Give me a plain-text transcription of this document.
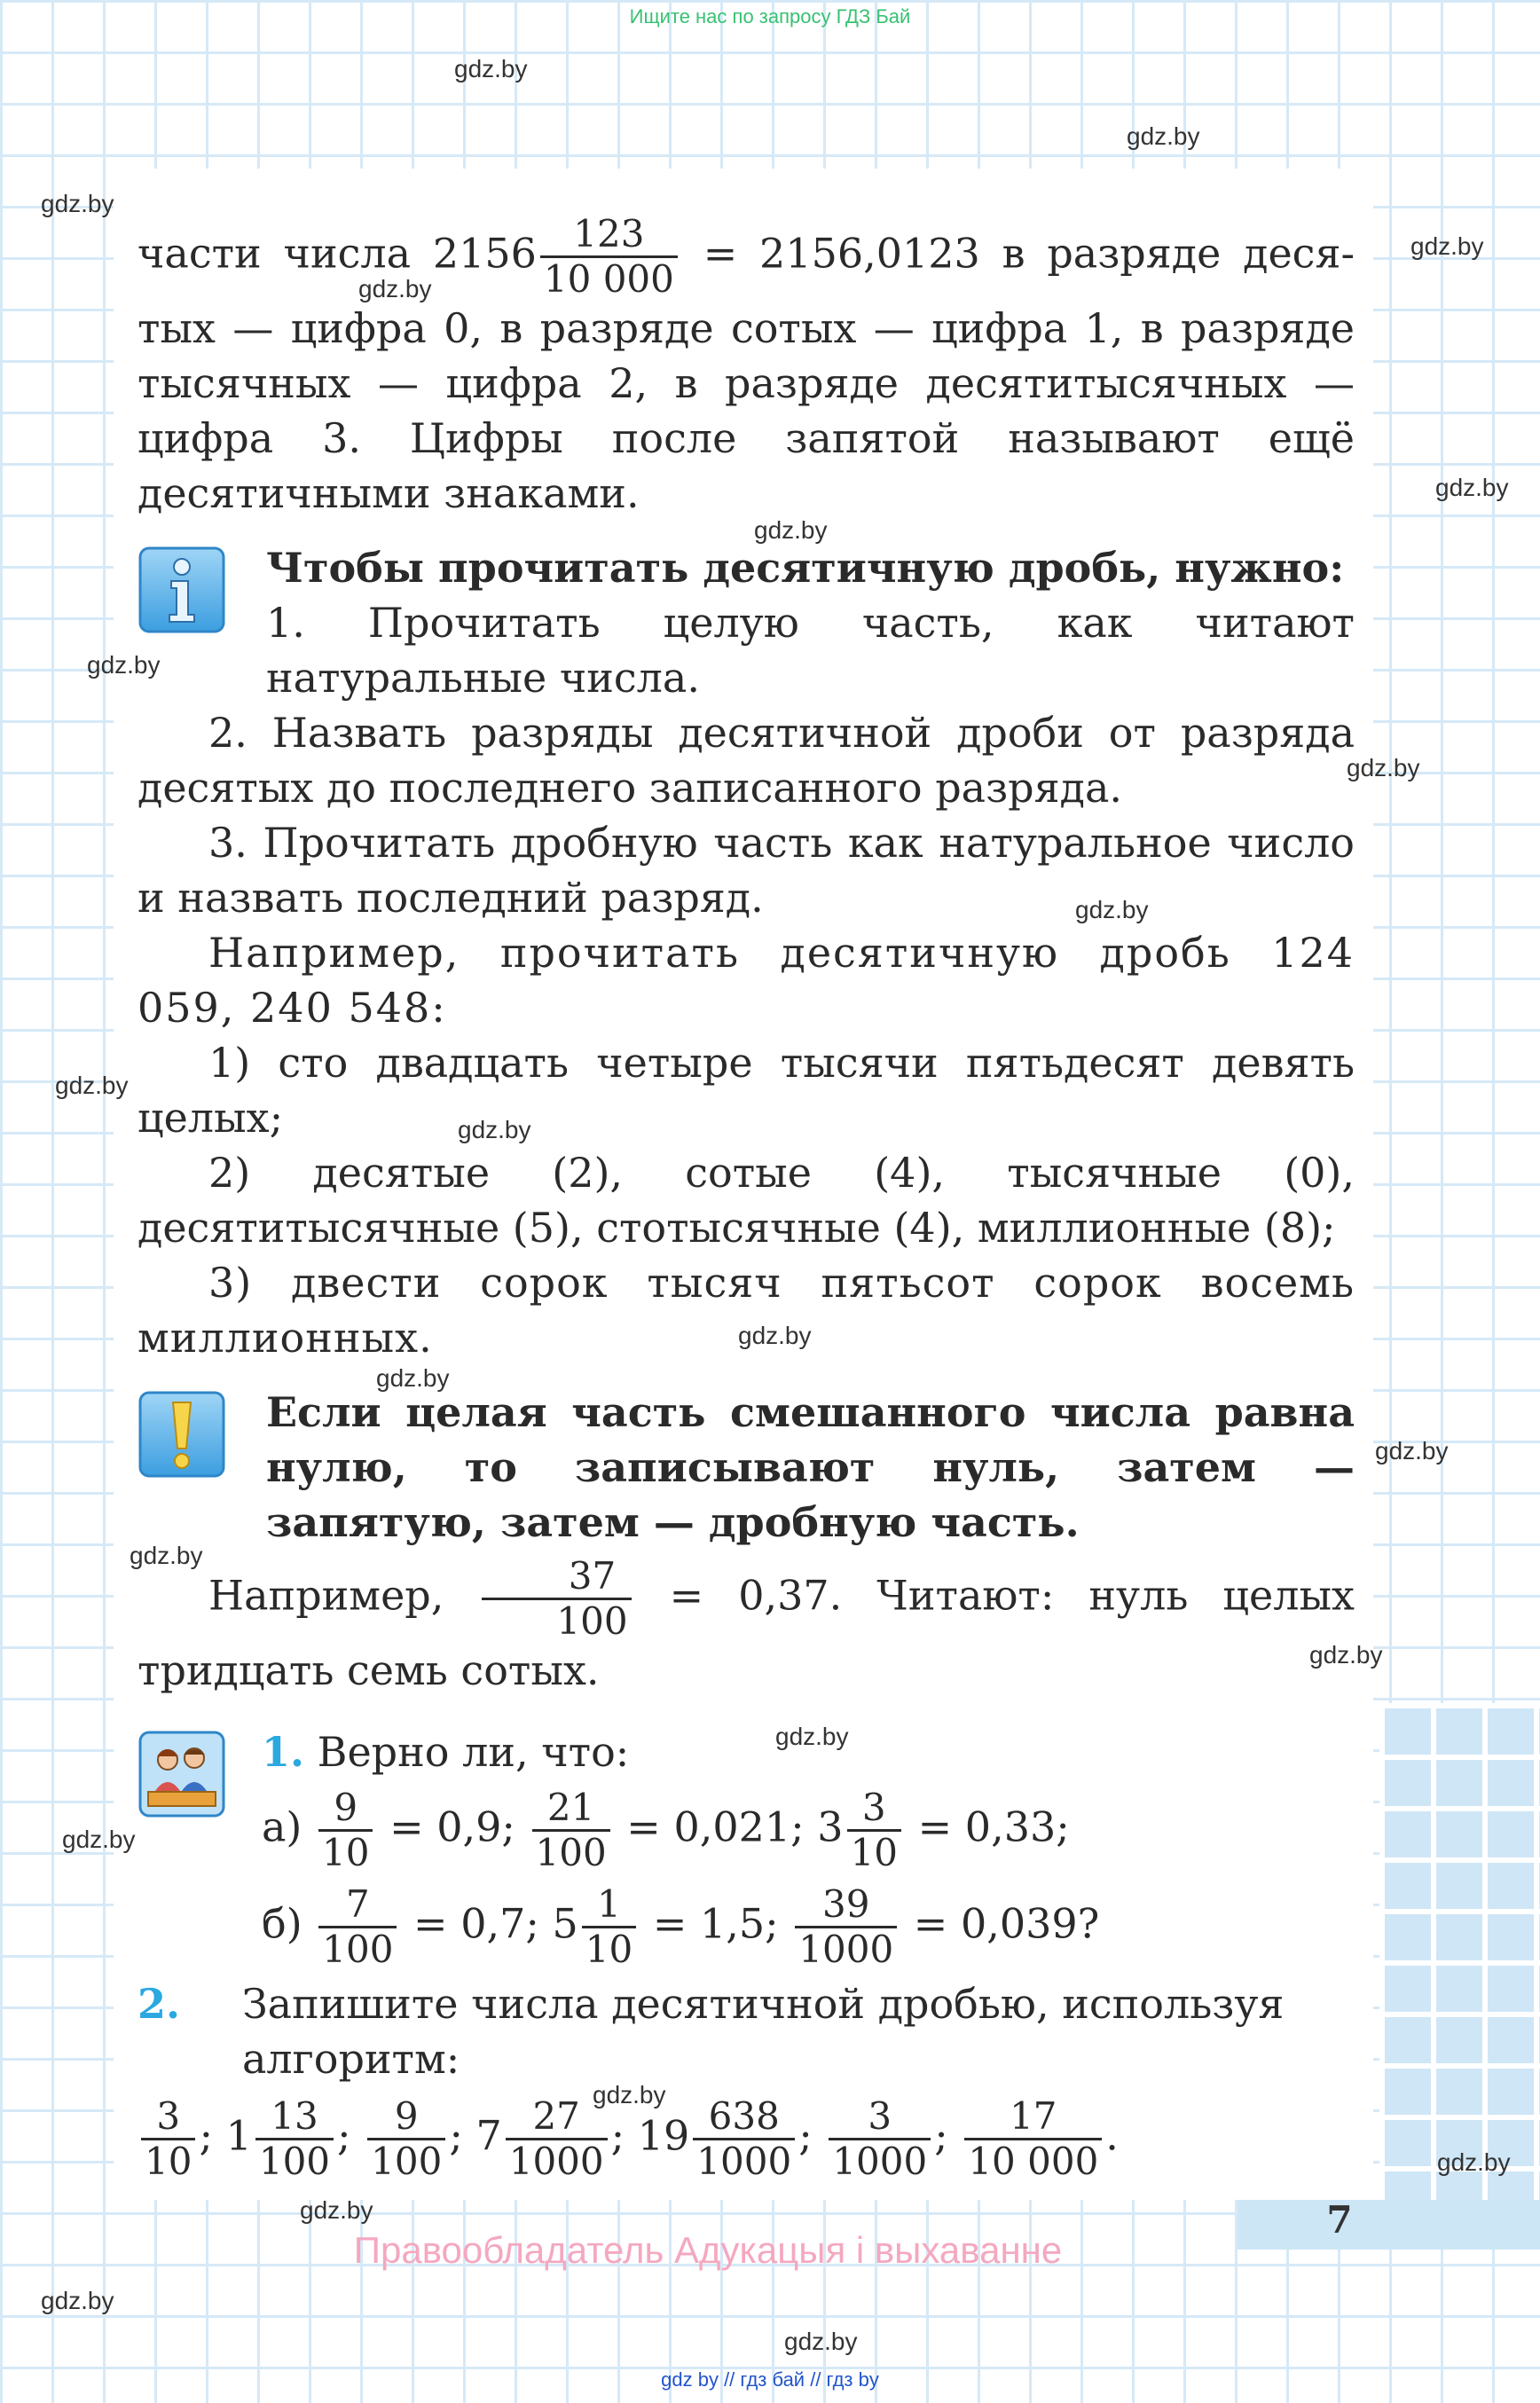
Ищите нас по запросу ГДЗ Бай
7
Правообладатель Адукацыя і выхаванне

части числа $2156 \frac{123}{10 000} = 2156,0123$ в разряде деся- тых — цифра 0, в разряде сотых — цифра 1, в разряде тысячных — цифра 2, в разряде десятитысячных — цифра 3. Цифры после запятой называют ещё десятичными знаками.

Чтобы прочитать десятичную дробь, нужно:

1. Прочитать целую часть, как читают натуральные числа.

2. Назвать разряды десятичной дроби от разряда десятых до последнего записанного разряда.

3. Прочитать дробную часть как натуральное число и назвать последний разряд.

Например, прочитать десятичную дробь 124 059, 240 548:

1) сто двадцать четыре тысячи пятьдесят девять целых;

2) десятые (2), сотые (4), тысячные (0), десятитысячные (5), стотысячные (4), миллионные (8);

3) двести сорок тысяч пятьсот сорок восемь миллионных.

Если целая часть смешанного числа равна нулю, то записывают нуль, затем — запятую, затем — дробную часть.

Например, $\frac{37}{100} = 0,37$. Читают: нуль целых тридцать семь сотых.

1. Верно ли, что:

$а) \frac{9}{10} = 0,9$; $\frac{21}{100} = 0,021$; $3 \frac{3}{10} = 0,33$;

$б) \frac{7}{100} = 0,7$; $5 \frac{1}{10} = 1,5$; $\frac{39}{1000} = 0,039$?

2. Запишите числа десятичной дробью, используя алгоритм:

$\frac{3}{10}$ ; $1 \frac{13}{100}$ ; $\frac{9}{100}$ ; $7 \frac{27}{1000}$ ; $19 \frac{638}{1000}$ ; $\frac{3}{1000}$ ; $\frac{17}{10 000}$ .

gdz.by
gdz.by
gdz.by
gdz.by
gdz.by
gdz.by
gdz.by
gdz.by
gdz.by
gdz.by
gdz.by
gdz.by
gdz.by
gdz.by
gdz.by
gdz.by
gdz.by
gdz.by
gdz.by
gdz.by
gdz.by
gdz.by
gdz.by
gdz.by
gdz by // гдз бай // гдз by
